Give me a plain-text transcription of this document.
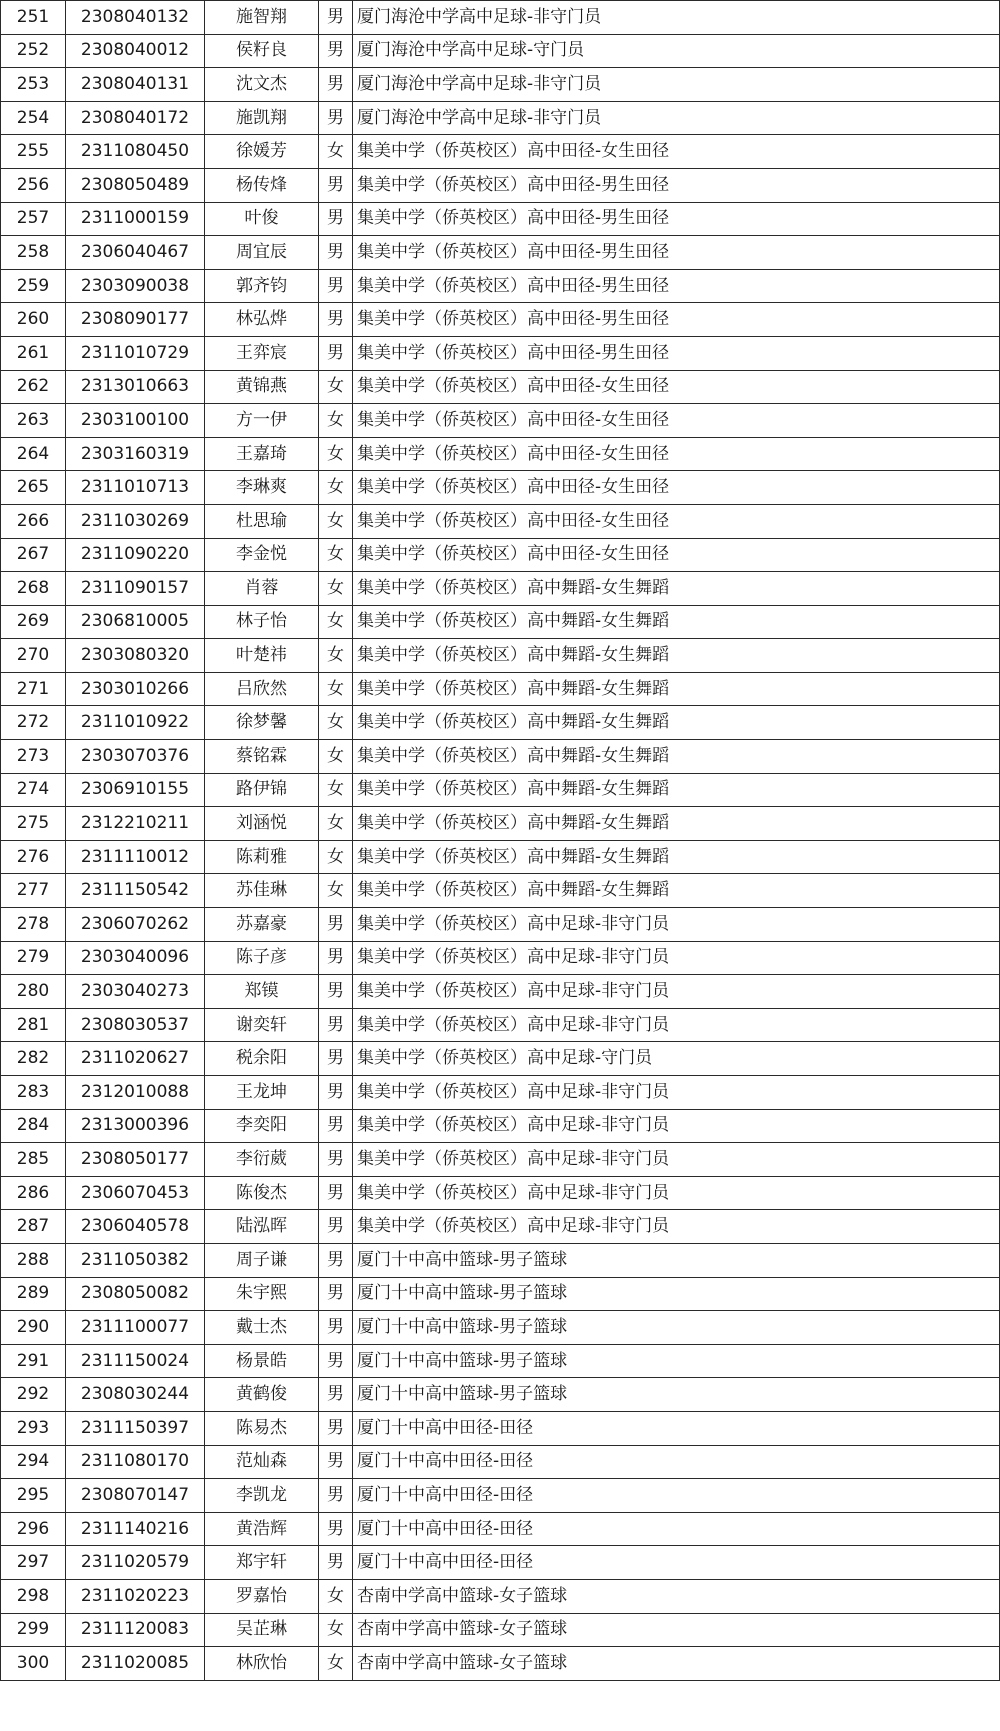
251	2308040132	施智翔	男	厦门海沧中学高中足球-非守门员
252	2308040012	侯籽良	男	厦门海沧中学高中足球-守门员
253	2308040131	沈文杰	男	厦门海沧中学高中足球-非守门员
254	2308040172	施凯翔	男	厦门海沧中学高中足球-非守门员
255	2311080450	徐媛芳	女	集美中学（侨英校区）高中田径-女生田径
256	2308050489	杨传烽	男	集美中学（侨英校区）高中田径-男生田径
257	2311000159	叶俊	男	集美中学（侨英校区）高中田径-男生田径
258	2306040467	周宜辰	男	集美中学（侨英校区）高中田径-男生田径
259	2303090038	郭齐钧	男	集美中学（侨英校区）高中田径-男生田径
260	2308090177	林弘烨	男	集美中学（侨英校区）高中田径-男生田径
261	2311010729	王弈宸	男	集美中学（侨英校区）高中田径-男生田径
262	2313010663	黄锦燕	女	集美中学（侨英校区）高中田径-女生田径
263	2303100100	方一伊	女	集美中学（侨英校区）高中田径-女生田径
264	2303160319	王嘉琦	女	集美中学（侨英校区）高中田径-女生田径
265	2311010713	李琳爽	女	集美中学（侨英校区）高中田径-女生田径
266	2311030269	杜思瑜	女	集美中学（侨英校区）高中田径-女生田径
267	2311090220	李金悦	女	集美中学（侨英校区）高中田径-女生田径
268	2311090157	肖蓉	女	集美中学（侨英校区）高中舞蹈-女生舞蹈
269	2306810005	林子怡	女	集美中学（侨英校区）高中舞蹈-女生舞蹈
270	2303080320	叶楚祎	女	集美中学（侨英校区）高中舞蹈-女生舞蹈
271	2303010266	吕欣然	女	集美中学（侨英校区）高中舞蹈-女生舞蹈
272	2311010922	徐梦馨	女	集美中学（侨英校区）高中舞蹈-女生舞蹈
273	2303070376	蔡铭霖	女	集美中学（侨英校区）高中舞蹈-女生舞蹈
274	2306910155	路伊锦	女	集美中学（侨英校区）高中舞蹈-女生舞蹈
275	2312210211	刘涵悦	女	集美中学（侨英校区）高中舞蹈-女生舞蹈
276	2311110012	陈莉雅	女	集美中学（侨英校区）高中舞蹈-女生舞蹈
277	2311150542	苏佳琳	女	集美中学（侨英校区）高中舞蹈-女生舞蹈
278	2306070262	苏嘉豪	男	集美中学（侨英校区）高中足球-非守门员
279	2303040096	陈子彦	男	集美中学（侨英校区）高中足球-非守门员
280	2303040273	郑镆	男	集美中学（侨英校区）高中足球-非守门员
281	2308030537	谢奕轩	男	集美中学（侨英校区）高中足球-非守门员
282	2311020627	税余阳	男	集美中学（侨英校区）高中足球-守门员
283	2312010088	王龙坤	男	集美中学（侨英校区）高中足球-非守门员
284	2313000396	李奕阳	男	集美中学（侨英校区）高中足球-非守门员
285	2308050177	李衍葳	男	集美中学（侨英校区）高中足球-非守门员
286	2306070453	陈俊杰	男	集美中学（侨英校区）高中足球-非守门员
287	2306040578	陆泓晖	男	集美中学（侨英校区）高中足球-非守门员
288	2311050382	周子谦	男	厦门十中高中篮球-男子篮球
289	2308050082	朱宇熙	男	厦门十中高中篮球-男子篮球
290	2311100077	戴士杰	男	厦门十中高中篮球-男子篮球
291	2311150024	杨景皓	男	厦门十中高中篮球-男子篮球
292	2308030244	黄鹤俊	男	厦门十中高中篮球-男子篮球
293	2311150397	陈易杰	男	厦门十中高中田径-田径
294	2311080170	范灿森	男	厦门十中高中田径-田径
295	2308070147	李凯龙	男	厦门十中高中田径-田径
296	2311140216	黄浩辉	男	厦门十中高中田径-田径
297	2311020579	郑宇轩	男	厦门十中高中田径-田径
298	2311020223	罗嘉怡	女	杏南中学高中篮球-女子篮球
299	2311120083	吴芷琳	女	杏南中学高中篮球-女子篮球
300	2311020085	林欣怡	女	杏南中学高中篮球-女子篮球
